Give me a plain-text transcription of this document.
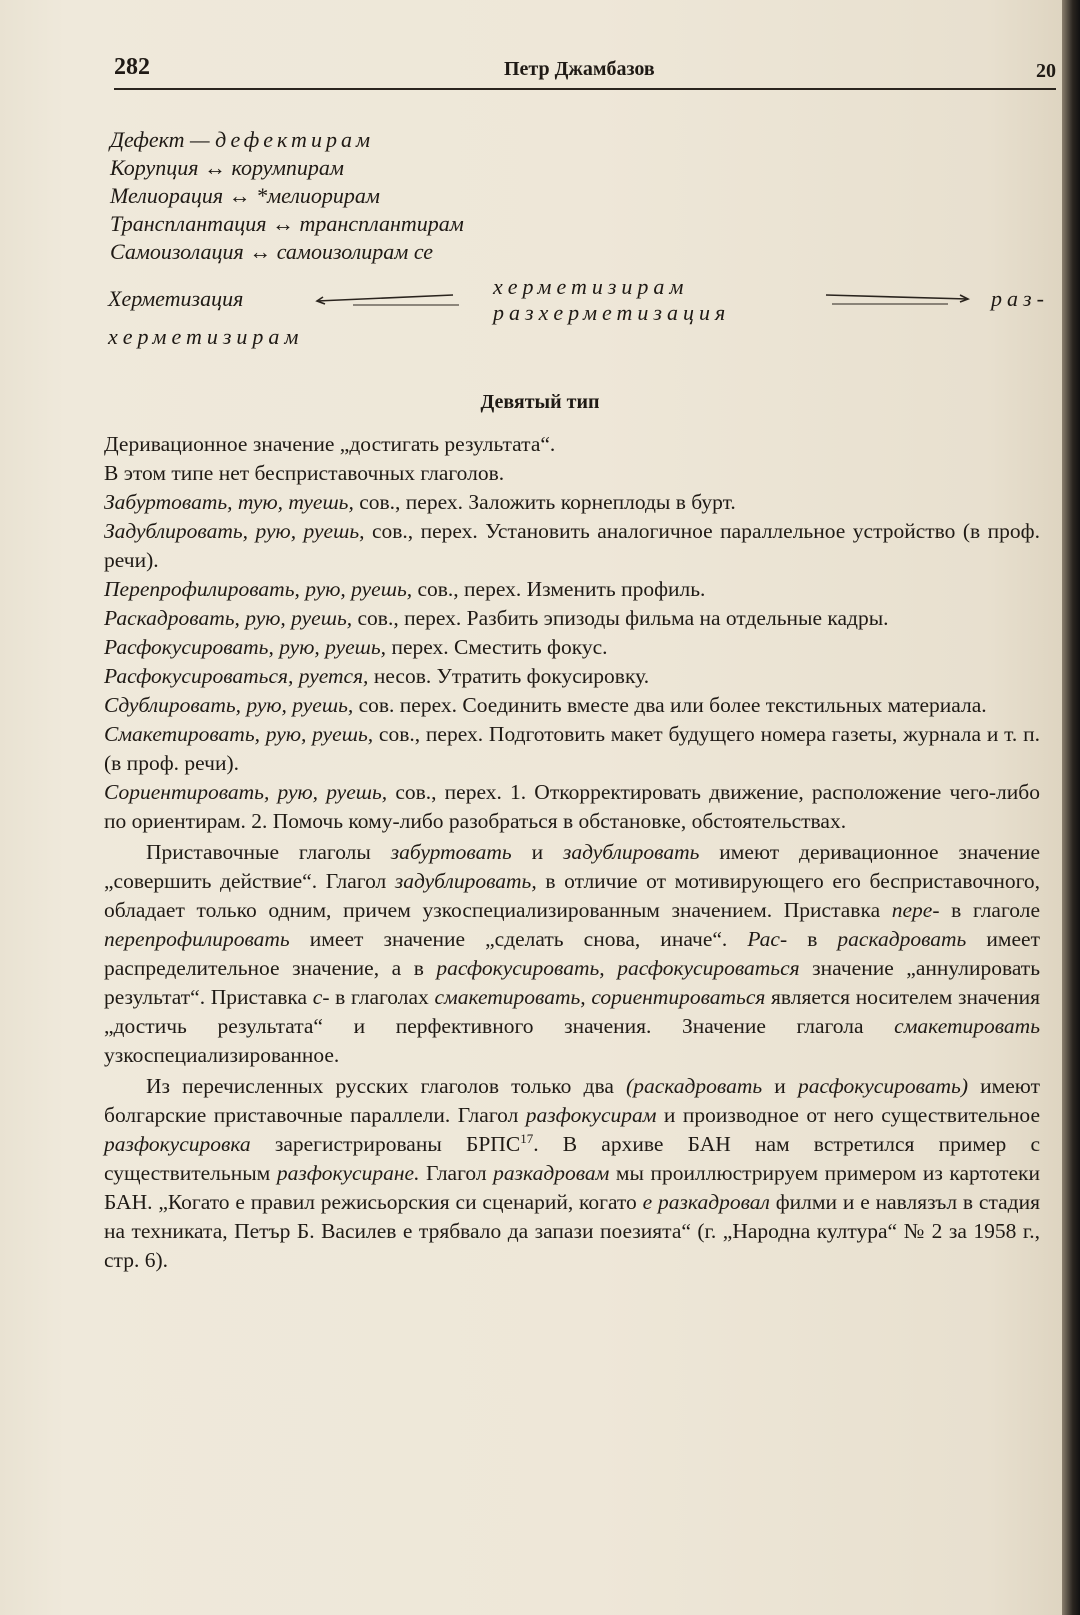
282	Петр Джамбазов	20
Дефект — дефектирам
Корупция ↔ корумпирам
Мелиорация ↔ *мелиорирам
Трансплантация ↔ трансплантирам
Самоизолация ↔ самоизолирам се
Херметизация	херметизирам
разхерметизация
раз-
херметизирам
Девятый тип

Деривационное значение „достигать результата“.

В этом типе нет бесприставочных глаголов.

Забуртовать, тую, туешь, сов., перех. Заложить корнеплоды в бурт.

Задублировать, рую, руешь, сов., перех. Установить аналогичное параллельное устройство (в проф. речи).

Перепрофилировать, рую, руешь, сов., перех. Изменить профиль.

Раскадровать, рую, руешь, сов., перех. Разбить эпизоды фильма на отдельные кадры.

Расфокусировать, рую, руешь, перех. Сместить фокус.

Расфокусироваться, руется, несов. Утратить фокусировку.

Сдублировать, рую, руешь, сов. перех. Соединить вместе два или более текстильных материала.

Смакетировать, рую, руешь, сов., перех. Подготовить макет будущего номера газеты, журнала и т. п. (в проф. речи).

Сориентировать, рую, руешь, сов., перех. 1. Откорректировать движение, расположение чего-либо по ориентирам. 2. Помочь кому-либо разобраться в обстановке, обстоятельствах.

Приставочные глаголы забуртовать и задублировать имеют деривационное значение „совершить действие“. Глагол задублировать, в отличие от мотивирующего его бесприставочного, обладает только одним, причем узкоспециализированным значением. Приставка пере- в глаголе перепрофилировать имеет значение „сделать снова, иначе“. Рас- в раскадровать имеет распределительное значение, а в расфокусировать, расфокусироваться значение „аннулировать результат“. Приставка с- в глаголах смакетировать, сориентироваться является носителем значения „достичь результата“ и перфективного значения. Значение глагола смакетировать узкоспециализированное.

Из перечисленных русских глаголов только два (раскадровать и расфокусировать) имеют болгарские приставочные параллели. Глагол разфокусирам и производное от него существительное разфокусировка зарегистрированы БРПС$^{17}$. В архиве БАН нам встретился пример с существительным разфокусиране. Глагол разкадровам мы проиллюстрируем примером из картотеки БАН. „Когато е правил режисьорския си сценарий, когато е разкадровал филми и е навлязъл в стадия на техниката, Петър Б. Василев е трябвало да запази поезията“ (г. „Народна култура“ № 2 за 1958 г., стр. 6).
